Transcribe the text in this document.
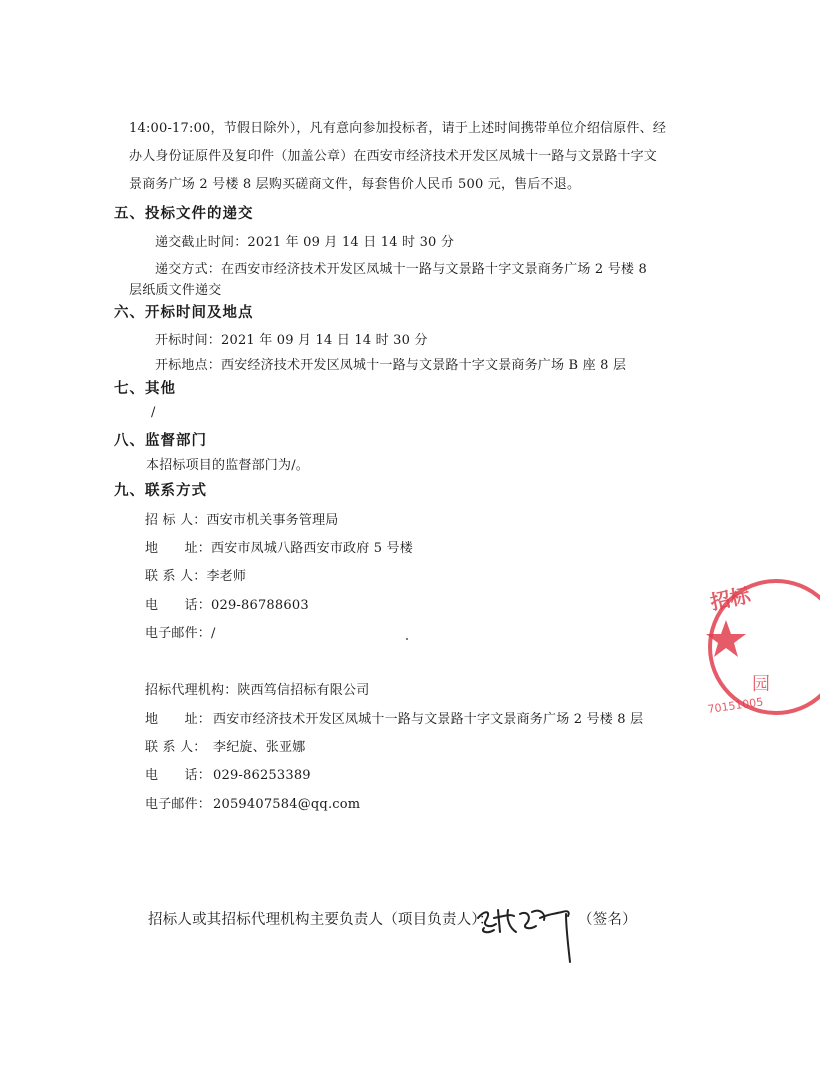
14:00-17:00，节假日除外），凡有意向参加投标者，请于上述时间携带单位介绍信原件、经
办人身份证原件及复印件（加盖公章）在西安市经济技术开发区凤城十一路与文景路十字文
景商务广场 2 号楼 8 层购买磋商文件，每套售价人民币 500 元，售后不退。
五、投标文件的递交
递交截止时间：2021 年 09 月 14 日 14 时 30 分
递交方式：在西安市经济技术开发区凤城十一路与文景路十字文景商务广场 2 号楼 8
层纸质文件递交
六、开标时间及地点
开标时间：2021 年 09 月 14 日 14 时 30 分
开标地点：西安经济技术开发区凤城十一路与文景路十字文景商务广场 B 座 8 层
七、其他
/
八、监督部门
本招标项目的监督部门为/。
九、联系方式
招 标 人：西安市机关事务管理局
地　　址：西安市凤城八路西安市政府 5 号楼
联 系 人：李老师
电　　话：029-86788603
电子邮件：/
招标代理机构：陕西笃信招标有限公司
地　　址： 西安市经济技术开发区凤城十一路与文景路十字文景商务广场 2 号楼 8 层
联 系 人： 李纪旋、张亚娜
电　　话： 029-86253389
电子邮件： 2059407584@qq.com
招标人或其招标代理机构主要负责人（项目负责人）：	（签名）
招标
70151005
园
